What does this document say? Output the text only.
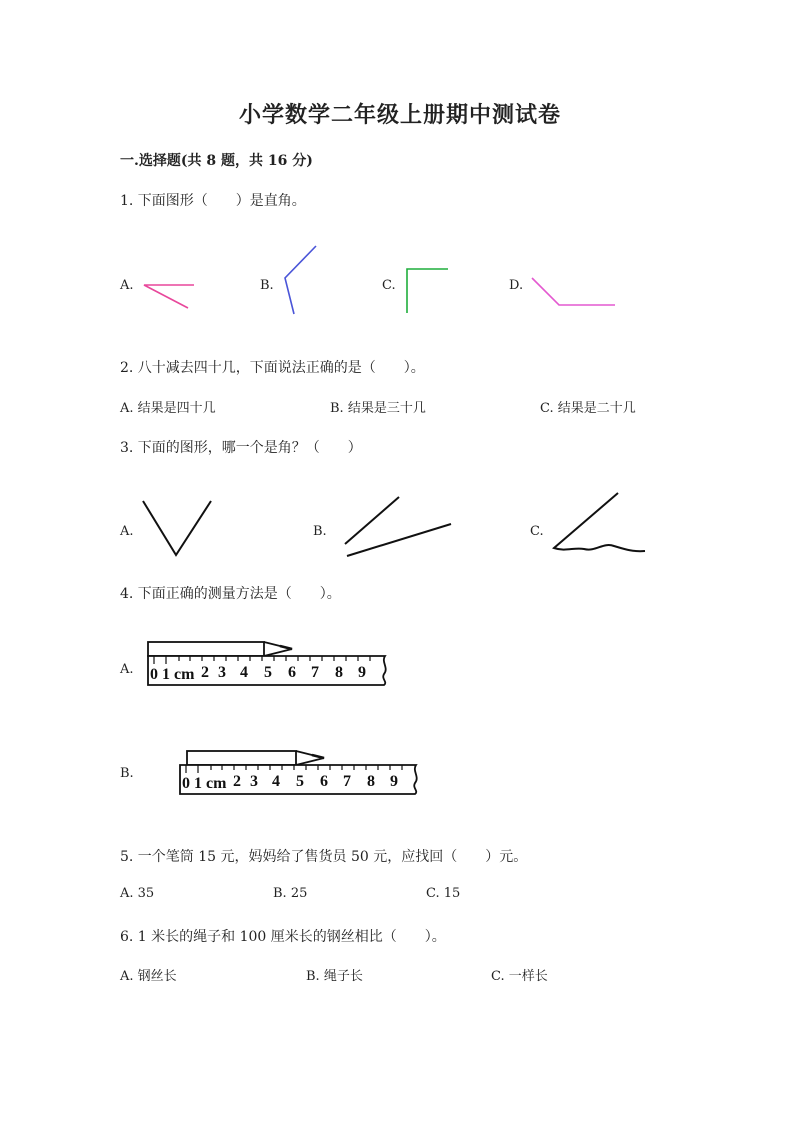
小学数学二年级上册期中测试卷
一.选择题(共 8 题，共 16 分)
1. 下面图形（　　）是直角。
A.	B.	C.	D.
2. 八十减去四十几，下面说法正确的是（　　）。
A. 结果是四十几	B. 结果是三十几	C. 结果是二十几
3. 下面的图形，哪一个是角？（　　）
A.	B.	C.
4. 下面正确的测量方法是（　　）。
A.
B.
0 1 cm 2 3 4 5 6 7 8 9
0 1 cm 2 3 4 5 6 7 8 9
5. 一个笔筒 15 元，妈妈给了售货员 50 元，应找回（　　）元。
A. 35	B. 25	C. 15
6. 1 米长的绳子和 100 厘米长的钢丝相比（　　）。
A. 钢丝长	B. 绳子长	C. 一样长
